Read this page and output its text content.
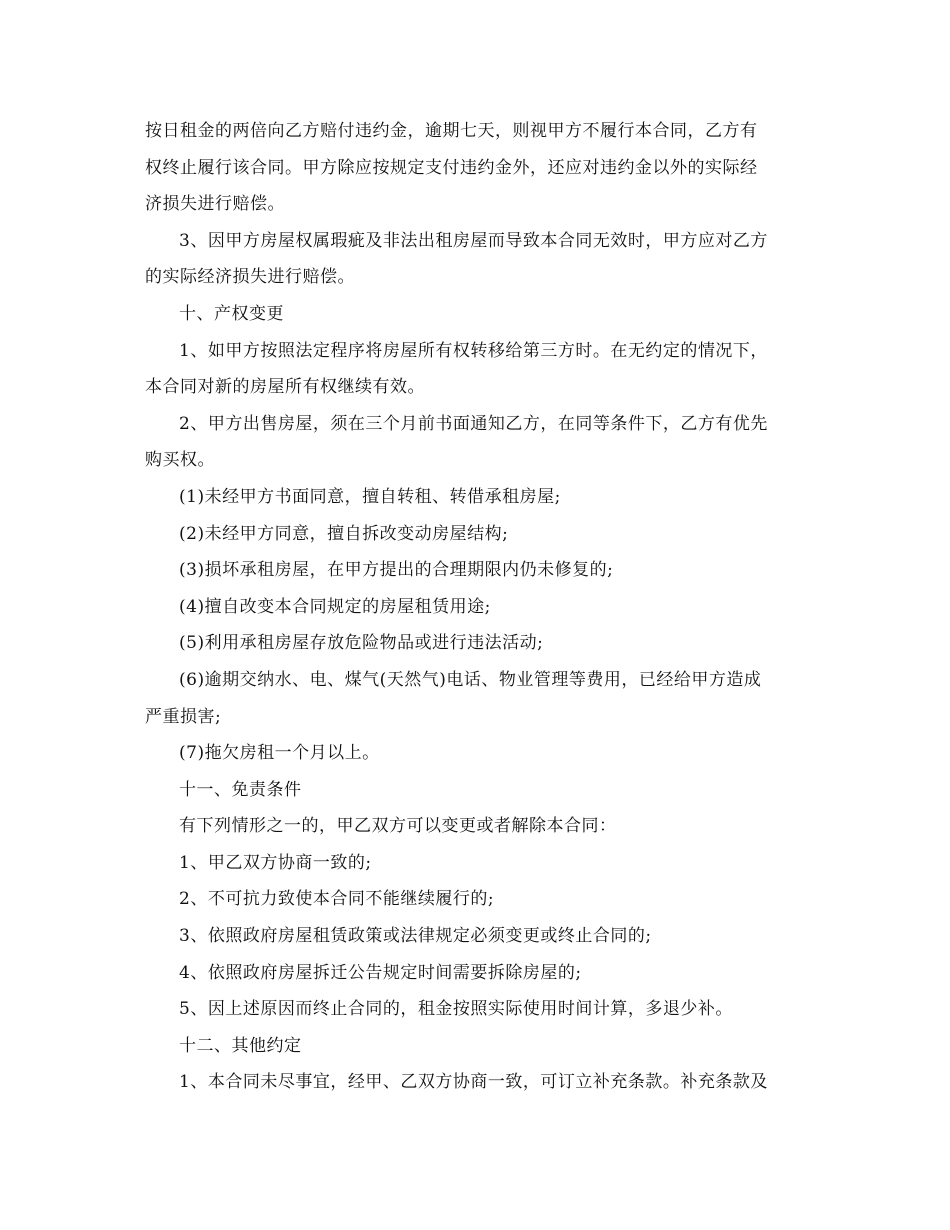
按日租金的两倍向乙方赔付违约金，逾期七天，则视甲方不履行本合同，乙方有
权终止履行该合同。甲方除应按规定支付违约金外，还应对违约金以外的实际经
济损失进行赔偿。
3、因甲方房屋权属瑕疵及非法出租房屋而导致本合同无效时，甲方应对乙方
的实际经济损失进行赔偿。
十、产权变更
1、如甲方按照法定程序将房屋所有权转移给第三方时。在无约定的情况下，
本合同对新的房屋所有权继续有效。
2、甲方出售房屋，须在三个月前书面通知乙方，在同等条件下，乙方有优先
购买权。
(1)未经甲方书面同意，擅自转租、转借承租房屋;
(2)未经甲方同意，擅自拆改变动房屋结构;
(3)损坏承租房屋，在甲方提出的合理期限内仍未修复的;
(4)擅自改变本合同规定的房屋租赁用途;
(5)利用承租房屋存放危险物品或进行违法活动;
(6)逾期交纳水、电、煤气(天然气)电话、物业管理等费用，已经给甲方造成
严重损害;
(7)拖欠房租一个月以上。
十一、免责条件
有下列情形之一的，甲乙双方可以变更或者解除本合同：
1、甲乙双方协商一致的;
2、不可抗力致使本合同不能继续履行的;
3、依照政府房屋租赁政策或法律规定必须变更或终止合同的;
4、依照政府房屋拆迁公告规定时间需要拆除房屋的;
5、因上述原因而终止合同的，租金按照实际使用时间计算，多退少补。
十二、其他约定
1、本合同未尽事宜，经甲、乙双方协商一致，可订立补充条款。补充条款及
